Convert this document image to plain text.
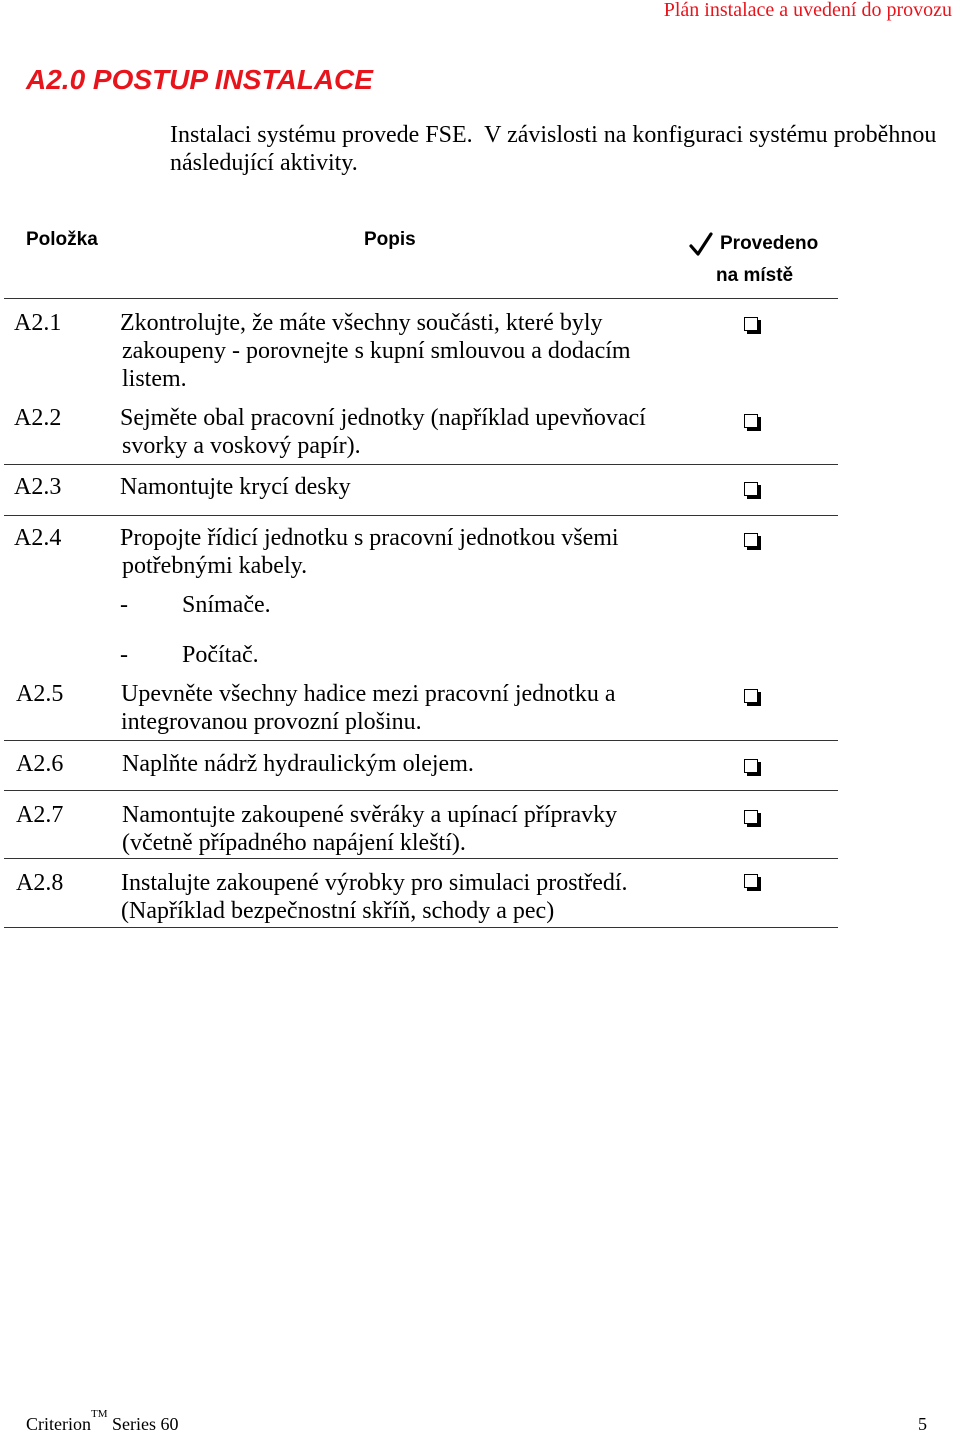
Plán instalace a uvedení do provozu
A2.0 POSTUP INSTALACE
Instalaci systému provede FSE.  V závislosti na konfiguraci systému proběhnou
následující aktivity.
Položka	Popis	Provedeno
na místě
A2.1 Zkontrolujte, že máte všechny součásti, které byly
zakoupeny - porovnejte s kupní smlouvou a dodacím
listem.
A2.2 Sejměte obal pracovní jednotky (například upevňovací
svorky a voskový papír).
A2.3 Namontujte krycí desky
A2.4 Propojte řídicí jednotku s pracovní jednotkou všemi
potřebnými kabely.
- Snímače.
- Počítač.
A2.5 Upevněte všechny hadice mezi pracovní jednotku a
integrovanou provozní plošinu.
A2.6 Naplňte nádrž hydraulickým olejem.
A2.7 Namontujte zakoupené svěráky a upínací přípravky
(včetně případného napájení kleští).
A2.8 Instalujte zakoupené výrobky pro simulaci prostředí.
(Například bezpečnostní skříň, schody a pec)
Criterion™ Series 60	5
